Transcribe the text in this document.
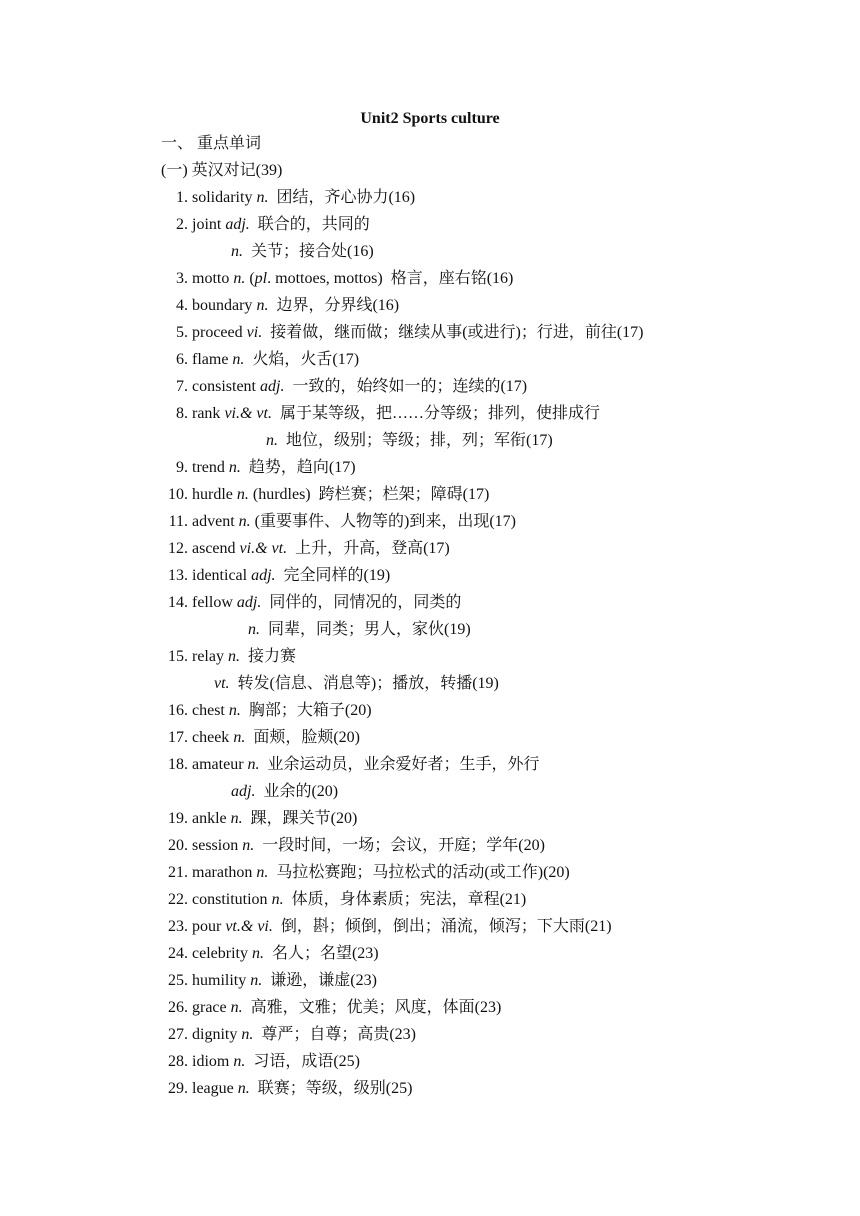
Unit2 Sports culture
一、 重点单词
(一) 英汉对记(39)
1. solidarity n. 团结，齐心协力(16)
2. joint adj. 联合的，共同的
n. 关节；接合处(16)
3. motto n. (pl. mottoes, mottos) 格言，座右铭(16)
4. boundary n. 边界，分界线(16)
5. proceed vi. 接着做，继而做；继续从事(或进行)；行进，前往(17)
6. flame n. 火焰，火舌(17)
7. consistent adj. 一致的，始终如一的；连续的(17)
8. rank vi.& vt. 属于某等级，把……分等级；排列，使排成行
n. 地位，级别；等级；排，列；军衔(17)
9. trend n. 趋势，趋向(17)
10. hurdle n. (hurdles) 跨栏赛；栏架；障碍(17)
11. advent n. (重要事件、人物等的)到来，出现(17)
12. ascend vi.& vt. 上升，升高，登高(17)
13. identical adj. 完全同样的(19)
14. fellow adj. 同伴的，同情况的，同类的
n. 同辈，同类；男人，家伙(19)
15. relay n. 接力赛
vt. 转发(信息、消息等)；播放，转播(19)
16. chest n. 胸部；大箱子(20)
17. cheek n. 面颊，脸颊(20)
18. amateur n. 业余运动员，业余爱好者；生手，外行
adj. 业余的(20)
19. ankle n. 踝，踝关节(20)
20. session n. 一段时间，一场；会议，开庭；学年(20)
21. marathon n. 马拉松赛跑；马拉松式的活动(或工作)(20)
22. constitution n. 体质，身体素质；宪法，章程(21)
23. pour vt.& vi. 倒，斟；倾倒，倒出；涌流，倾泻；下大雨(21)
24. celebrity n. 名人；名望(23)
25. humility n. 谦逊，谦虚(23)
26. grace n. 高雅，文雅；优美；风度，体面(23)
27. dignity n. 尊严；自尊；高贵(23)
28. idiom n. 习语，成语(25)
29. league n. 联赛；等级，级别(25)
